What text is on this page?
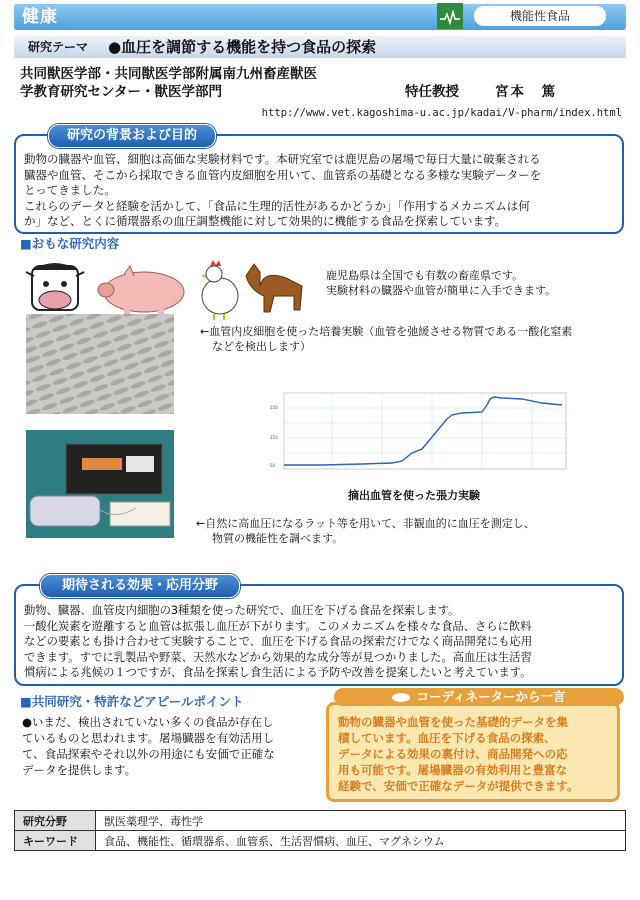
健康	機能性食品
研究テーマ ●血圧を調節する機能を持つ食品の探索
共同獣医学部・共同獣医学部附属南九州畜産獣医
学教育研究センター・獣医学部門	特任教授	宮本　篤
http://www.vet.kagoshima-u.ac.jp/kadai/V-pharm/index.html
研究の背景および目的
動物の臓器や血管、細胞は高価な実験材料です。本研究室では鹿児島の屠場で毎日大量に破棄される
臓器や血管、そこから採取できる血管内皮細胞を用いて、血管系の基礎となる多様な実験データーを
とってきました。
これらのデータと経験を活かして、「食品に生理的活性があるかどうか」「作用するメカニズムは何
か」など、とくに循環器系の血圧調整機能に対して効果的に機能する食品を探索しています。
■おもな研究内容
鹿児島県は全国でも有数の畜産県です。
実験材料の臓器や血管が簡単に入手できます。
←血管内皮細胞を使った培養実験（血管を弛緩させる物質である一酸化窒素
などを検出します）
250
150
50
摘出血管を使った張力実験
←自然に高血圧になるラット等を用いて、非観血的に血圧を測定し、
物質の機能性を調べます。
期待される効果・応用分野
動物、臓器、血管皮内細胞の3種類を使った研究で、血圧を下げる食品を探索します。
一酸化炭素を遊離すると血管は拡張し血圧が下がります。このメカニズムを様々な食品、さらに飲料
などの要素とも掛け合わせて実験することで、血圧を下げる食品の探索だけでなく商品開発にも応用
できます。すでに乳製品や野菜、天然水などから効果的な成分等が見つかりました。高血圧は生活習
慣病による兆候の１つですが、食品を探索し食生活による予防や改善を提案したいと考えています。
■共同研究・特許などアピールポイント
●いまだ、検出されていない多くの食品が存在し
ているものと思われます。屠場臓器を有効活用し
て、食品探索やそれ以外の用途にも安価で正確な
データを提供します。
コーディネーターから一言
動物の臓器や血管を使った基礎的データを集
積しています。血圧を下げる食品の探索、
データによる効果の裏付け、商品開発への応
用も可能です。屠場臓器の有効利用と豊富な
経験で、安価で正確なデータが提供できます。
研究分野	獣医薬理学、毒性学
キーワード	食品、機能性、循環器系、血管系、生活習慣病、血圧、マグネシウム
